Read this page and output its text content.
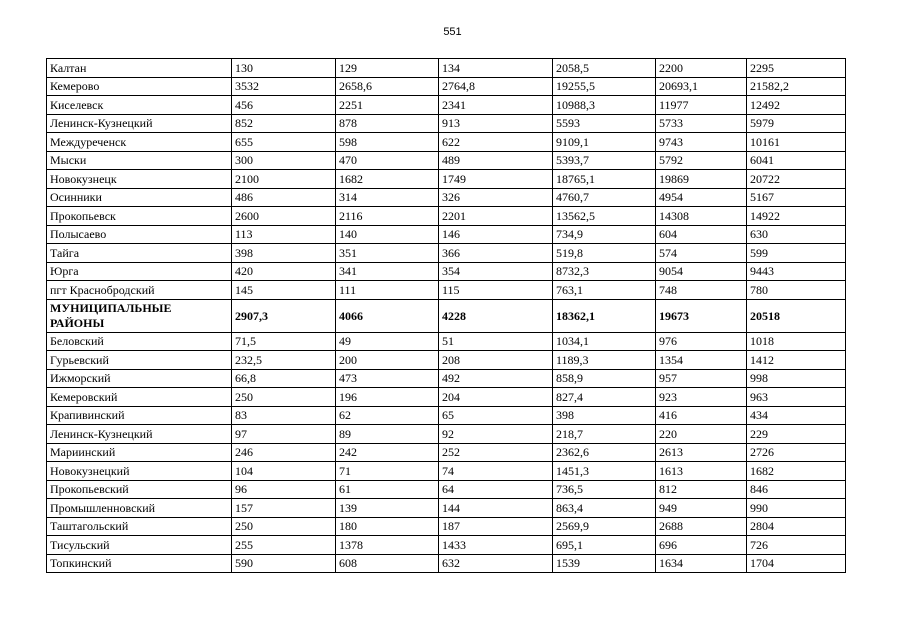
551
Калтан	130	129	134	2058,5	2200	2295
Кемерово	3532	2658,6	2764,8	19255,5	20693,1	21582,2
Киселевск	456	2251	2341	10988,3	11977	12492
Ленинск-Кузнецкий	852	878	913	5593	5733	5979
Междуреченск	655	598	622	9109,1	9743	10161
Мыски	300	470	489	5393,7	5792	6041
Новокузнецк	2100	1682	1749	18765,1	19869	20722
Осинники	486	314	326	4760,7	4954	5167
Прокопьевск	2600	2116	2201	13562,5	14308	14922
Полысаево	113	140	146	734,9	604	630
Тайга	398	351	366	519,8	574	599
Юрга	420	341	354	8732,3	9054	9443
пгт Краснобродский	145	111	115	763,1	748	780
МУНИЦИПАЛЬНЫЕ РАЙОНЫ	2907,3	4066	4228	18362,1	19673	20518
Беловский	71,5	49	51	1034,1	976	1018
Гурьевский	232,5	200	208	1189,3	1354	1412
Ижморский	66,8	473	492	858,9	957	998
Кемеровский	250	196	204	827,4	923	963
Крапивинский	83	62	65	398	416	434
Ленинск-Кузнецкий	97	89	92	218,7	220	229
Мариинский	246	242	252	2362,6	2613	2726
Новокузнецкий	104	71	74	1451,3	1613	1682
Прокопьевский	96	61	64	736,5	812	846
Промышленновский	157	139	144	863,4	949	990
Таштагольский	250	180	187	2569,9	2688	2804
Тисульский	255	1378	1433	695,1	696	726
Топкинский	590	608	632	1539	1634	1704
